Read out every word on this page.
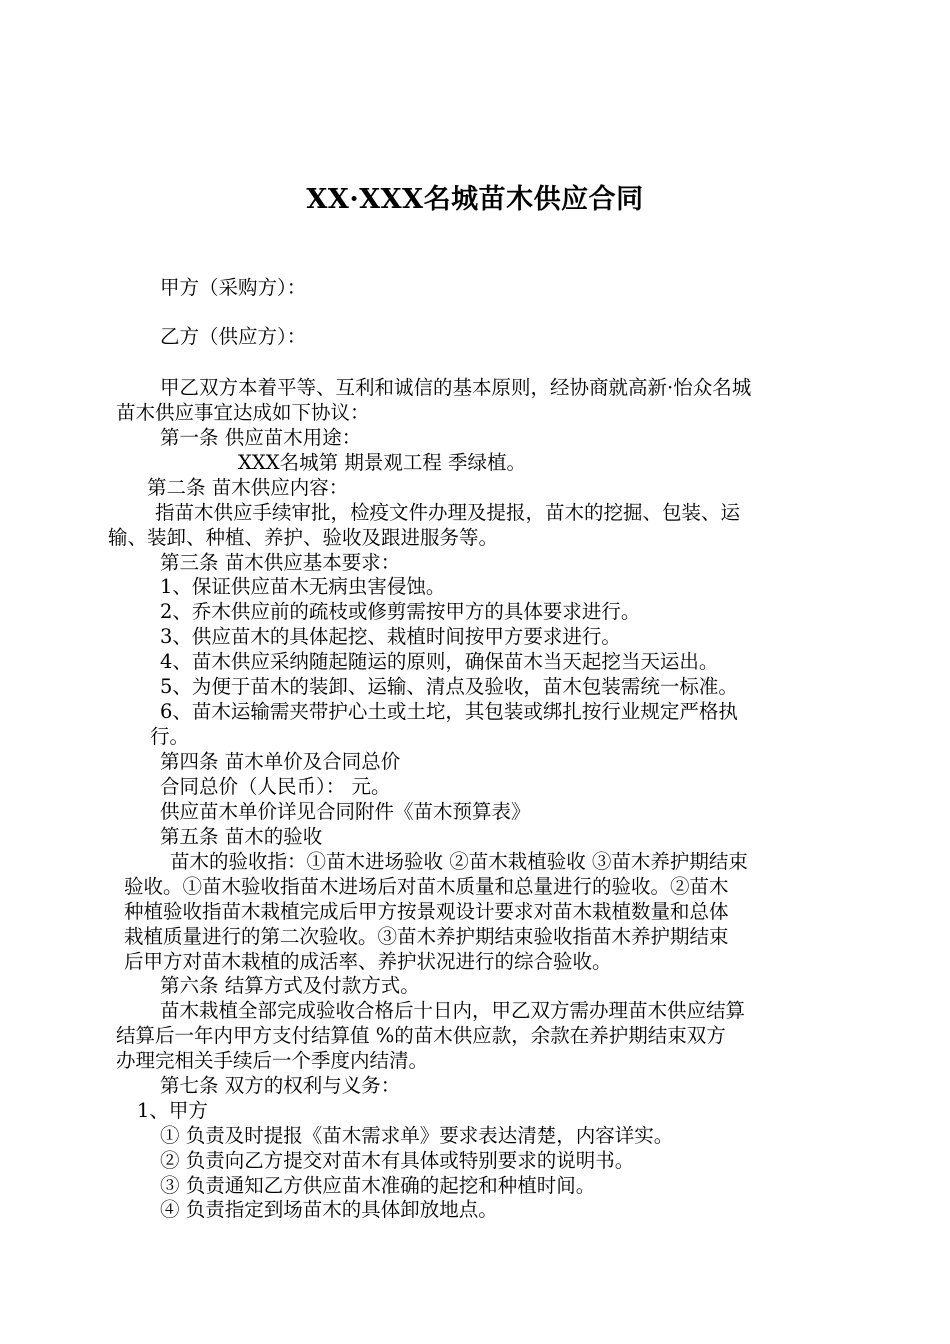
XX·XXX名城苗木供应合同
甲方（采购方）：
乙方（供应方）：
甲乙双方本着平等、互利和诚信的基本原则，经协商就高新·怡众名城
苗木供应事宜达成如下协议：
第一条 供应苗木用途：
XXX名城第 期景观工程 季绿植。
第二条 苗木供应内容：
指苗木供应手续审批，检疫文件办理及提报，苗木的挖掘、包装、运
输、装卸、种植、养护、验收及跟进服务等。
第三条 苗木供应基本要求：
1、保证供应苗木无病虫害侵蚀。
2、乔木供应前的疏枝或修剪需按甲方的具体要求进行。
3、供应苗木的具体起挖、栽植时间按甲方要求进行。
4、苗木供应采纳随起随运的原则，确保苗木当天起挖当天运出。
5、为便于苗木的装卸、运输、清点及验收，苗木包装需统一标准。
6、苗木运输需夹带护心土或土坨，其包装或绑扎按行业规定严格执
行。
第四条 苗木单价及合同总价
合同总价（人民币）： 元。
供应苗木单价详见合同附件《苗木预算表》
第五条 苗木的验收
苗木的验收指：①苗木进场验收 ②苗木栽植验收 ③苗木养护期结束
验收。①苗木验收指苗木进场后对苗木质量和总量进行的验收。②苗木
种植验收指苗木栽植完成后甲方按景观设计要求对苗木栽植数量和总体
栽植质量进行的第二次验收。③苗木养护期结束验收指苗木养护期结束
后甲方对苗木栽植的成活率、养护状况进行的综合验收。
第六条 结算方式及付款方式。
苗木栽植全部完成验收合格后十日内，甲乙双方需办理苗木供应结算
结算后一年内甲方支付结算值 %的苗木供应款，余款在养护期结束双方
办理完相关手续后一个季度内结清。
第七条 双方的权利与义务：
1、甲方
① 负责及时提报《苗木需求单》要求表达清楚，内容详实。
② 负责向乙方提交对苗木有具体或特别要求的说明书。
③ 负责通知乙方供应苗木准确的起挖和种植时间。
④ 负责指定到场苗木的具体卸放地点。
